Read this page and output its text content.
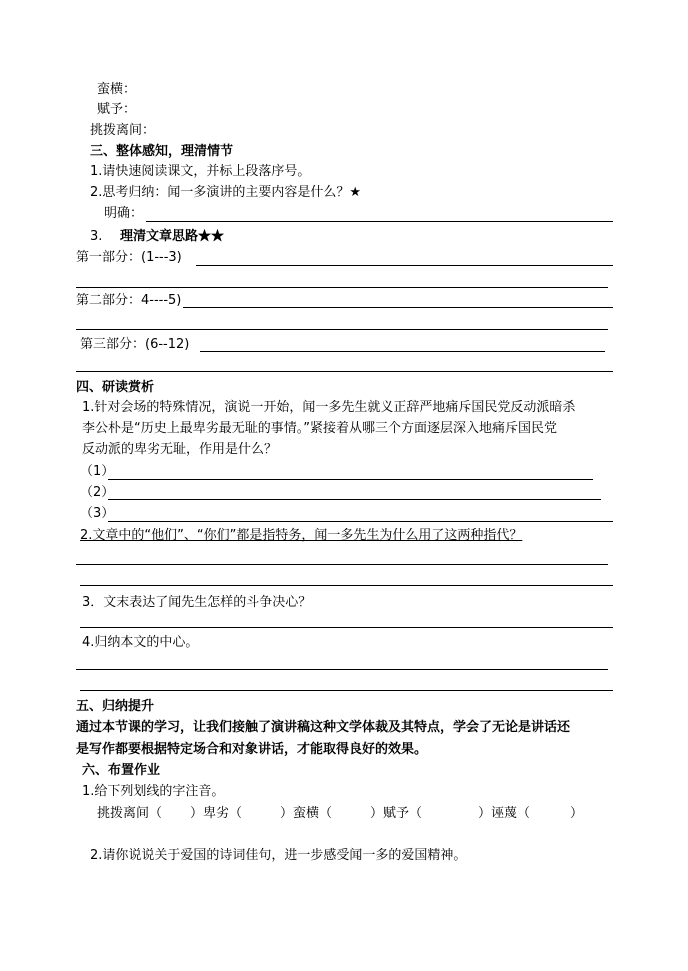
蛮横：
赋予：
挑拨离间：
三、整体感知，理清情节
1.请快速阅读课文，并标上段落序号。
2.思考归纳：闻一多演讲的主要内容是什么？★
明确：
3. 理清文章思路★★
第一部分：(1---3)
第二部分：4----5)
第三部分：(6--12)
四、研读赏析
1.针对会场的特殊情况，演说一开始，闻一多先生就义正辞严地痛斥国民党反动派暗杀
李公朴是“历史上最卑劣最无耻的事情。”紧接着从哪三个方面逐层深入地痛斥国民党
反动派的卑劣无耻，作用是什么？
（1）
（2）
（3）
2.文章中的“他们”、“你们”都是指特务，闻一多先生为什么用了这两种指代？
3．文末表达了闻先生怎样的斗争决心？
4.归纳本文的中心。
五、归纳提升
通过本节课的学习，让我们接触了演讲稿这种文学体裁及其特点，学会了无论是讲话还
是写作都要根据特定场合和对象讲话，才能取得良好的效果。
六、布置作业
1.给下列划线的字注音。
挑拨离间（ ）卑劣（	）蛮横（	）赋予（	）诬蔑（	）
2.请你说说关于爱国的诗词佳句，进一步感受闻一多的爱国精神。
